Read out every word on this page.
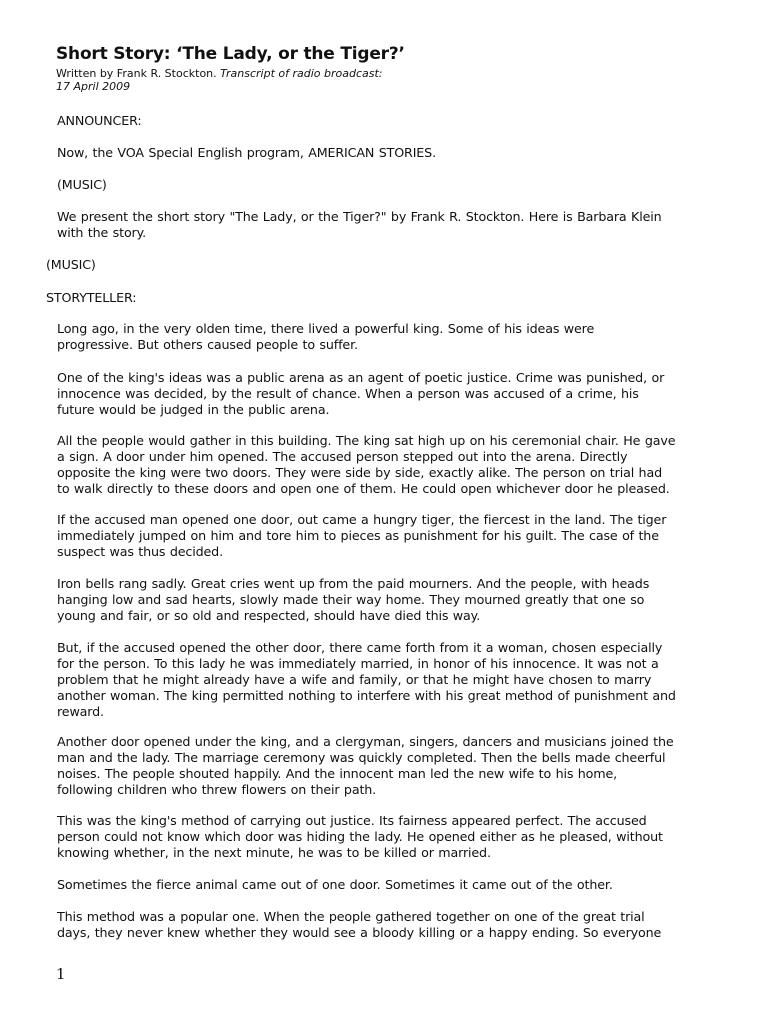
Short Story: ‘The Lady, or the Tiger?’
Written by Frank R. Stockton. Transcript of radio broadcast:
17 April 2009
ANNOUNCER:
Now, the VOA Special English program, AMERICAN STORIES.
(MUSIC)
We present the short story "The Lady, or the Tiger?" by Frank R. Stockton. Here is Barbara Klein
with the story.
(MUSIC)
STORYTELLER:
Long ago, in the very olden time, there lived a powerful king. Some of his ideas were
progressive. But others caused people to suffer.
One of the king's ideas was a public arena as an agent of poetic justice. Crime was punished, or
innocence was decided, by the result of chance. When a person was accused of a crime, his
future would be judged in the public arena.
All the people would gather in this building. The king sat high up on his ceremonial chair. He gave
a sign. A door under him opened. The accused person stepped out into the arena. Directly
opposite the king were two doors. They were side by side, exactly alike. The person on trial had
to walk directly to these doors and open one of them. He could open whichever door he pleased.
If the accused man opened one door, out came a hungry tiger, the fiercest in the land. The tiger
immediately jumped on him and tore him to pieces as punishment for his guilt. The case of the
suspect was thus decided.
Iron bells rang sadly. Great cries went up from the paid mourners. And the people, with heads
hanging low and sad hearts, slowly made their way home. They mourned greatly that one so
young and fair, or so old and respected, should have died this way.
But, if the accused opened the other door, there came forth from it a woman, chosen especially
for the person. To this lady he was immediately married, in honor of his innocence. It was not a
problem that he might already have a wife and family, or that he might have chosen to marry
another woman. The king permitted nothing to interfere with his great method of punishment and
reward.
Another door opened under the king, and a clergyman, singers, dancers and musicians joined the
man and the lady. The marriage ceremony was quickly completed. Then the bells made cheerful
noises. The people shouted happily. And the innocent man led the new wife to his home,
following children who threw flowers on their path.
This was the king's method of carrying out justice. Its fairness appeared perfect. The accused
person could not know which door was hiding the lady. He opened either as he pleased, without
knowing whether, in the next minute, he was to be killed or married.
Sometimes the fierce animal came out of one door. Sometimes it came out of the other.
This method was a popular one. When the people gathered together on one of the great trial
days, they never knew whether they would see a bloody killing or a happy ending. So everyone
1
